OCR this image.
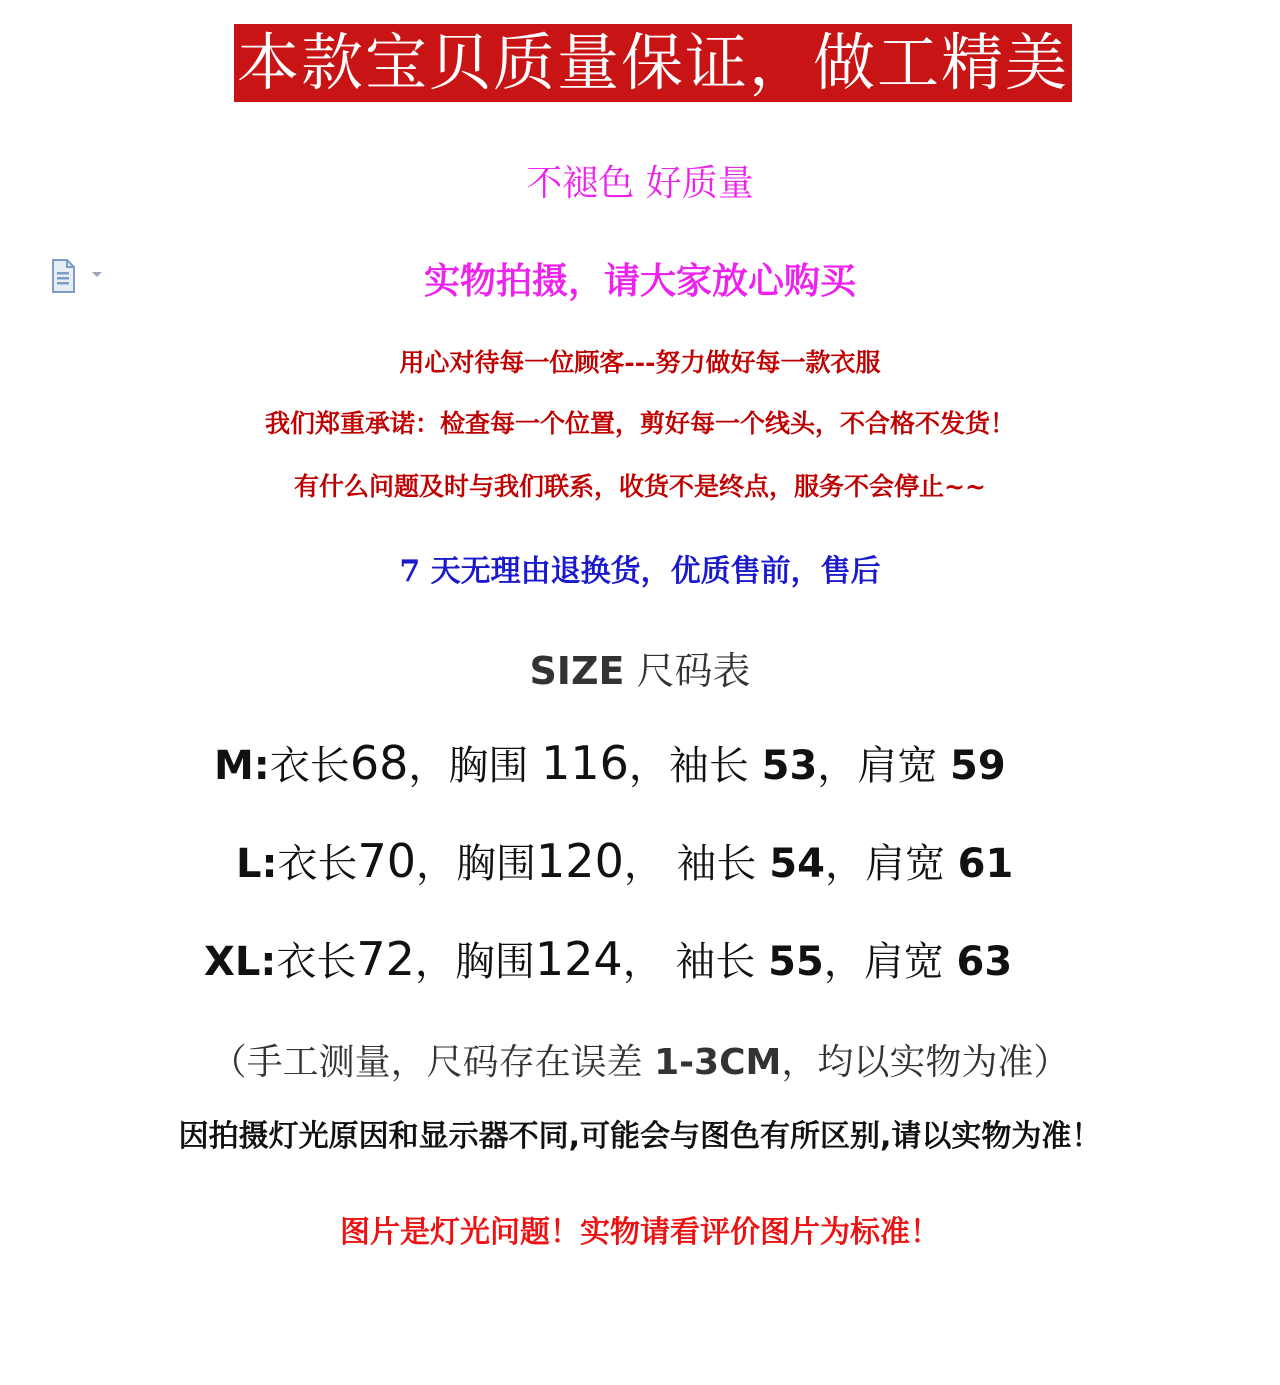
本款宝贝质量保证，做工精美
不褪色 好质量
实物拍摄，请大家放心购买
用心对待每一位顾客---努力做好每一款衣服
我们郑重承诺：检查每一个位置，剪好每一个线头，不合格不发货！
有什么问题及时与我们联系，收货不是终点，服务不会停止~~
7 天无理由退换货，优质售前，售后
SIZE 尺码表
M:衣长68，胸围 116，袖长 53，肩宽 59
L:衣长70，胸围120， 袖长 54，肩宽 61
XL:衣长72，胸围124， 袖长 55，肩宽 63
（手工测量，尺码存在误差 1-3CM，均以实物为准）
因拍摄灯光原因和显示器不同,可能会与图色有所区别,请以实物为准！
图片是灯光问题！实物请看评价图片为标准！
